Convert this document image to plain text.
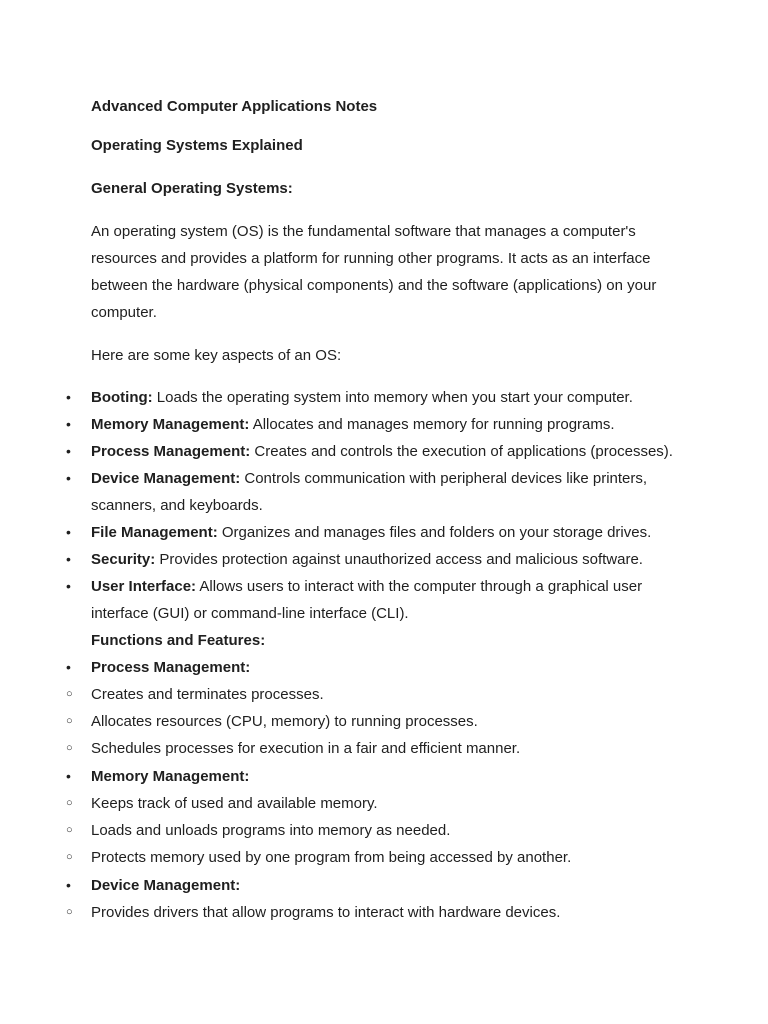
Advanced Computer Applications Notes

Operating Systems Explained

General Operating Systems:

An operating system (OS) is the fundamental software that manages a computer's resources and provides a platform for running other programs. It acts as an interface between the hardware (physical components) and the software (applications) on your computer.

Here are some key aspects of an OS:

•	Booting: Loads the operating system into memory when you start your computer.
•	Memory Management: Allocates and manages memory for running programs.
•	Process Management: Creates and controls the execution of applications (processes).
•	Device Management: Controls communication with peripheral devices like printers, scanners, and keyboards.
•	File Management: Organizes and manages files and folders on your storage drives.
•	Security: Provides protection against unauthorized access and malicious software.
•	User Interface: Allows users to interact with the computer through a graphical user interface (GUI) or command-line interface (CLI).
Functions and Features:
•	Process Management:
○	Creates and terminates processes.
○	Allocates resources (CPU, memory) to running processes.
○	Schedules processes for execution in a fair and efficient manner.
•	Memory Management:
○	Keeps track of used and available memory.
○	Loads and unloads programs into memory as needed.
○	Protects memory used by one program from being accessed by another.
•	Device Management:
○	Provides drivers that allow programs to interact with hardware devices.
